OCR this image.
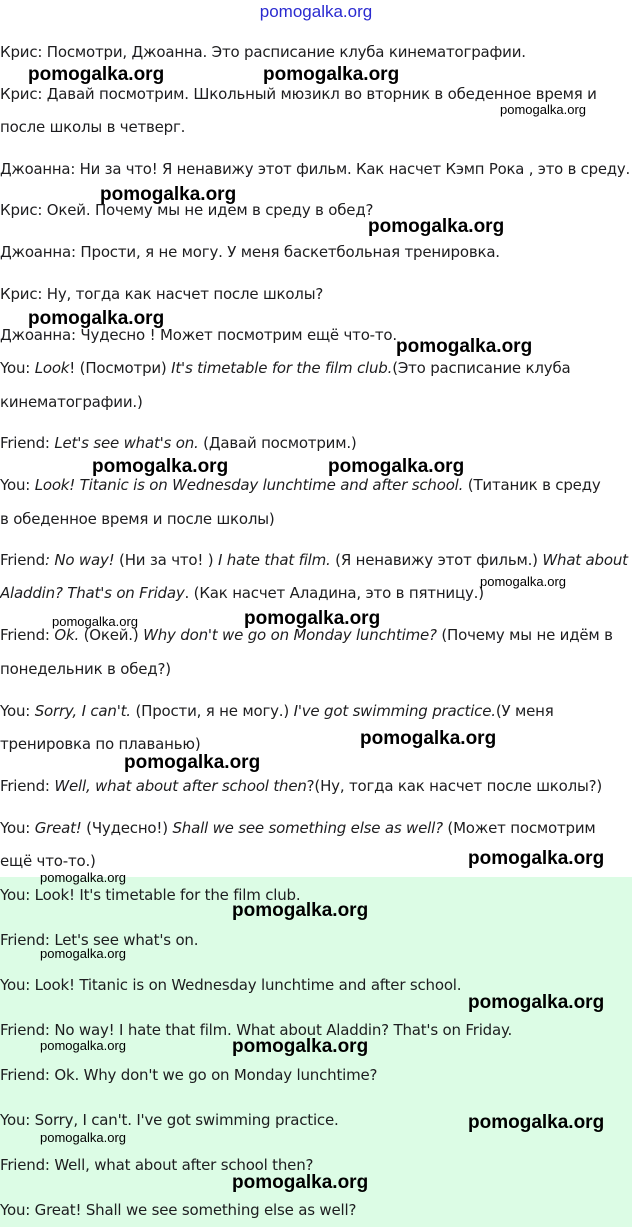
pomogalka.org
Крис: Посмотри, Джоанна. Это расписание клуба кинематографии.
Крис: Давай посмотрим. Школьный мюзикл во вторник в обеденное время и
после школы в четверг.
Джоанна: Ни за что! Я ненавижу этот фильм. Как насчет Кэмп Рока , это в среду.
Крис: Окей. Почему мы не идем в среду в обед?
Джоанна: Прости, я не могу. У меня баскетбольная тренировка.
Крис: Ну, тогда как насчет после школы?
Джоанна: Чудесно ! Может посмотрим ещё что-то.
You: Look! (Посмотри) It's timetable for the film club.(Это расписание клуба
кинематографии.)
Friend: Let's see what's on. (Давай посмотрим.)
You: Look! Titanic is on Wednesday lunchtime and after school. (Титаник в среду
в обеденное время и после школы)
Friend: No way! (Ни за что! ) I hate that film. (Я ненавижу этот фильм.) What about
Aladdin? That's on Friday. (Как насчет Аладина, это в пятницу.)
Friend: Ok. (Окей.) Why don't we go on Monday lunchtime? (Почему мы не идём в
понедельник в обед?)
You: Sorry, I can't. (Прости, я не могу.) I've got swimming practice.(У меня
тренировка по плаванью)
Friend: Well, what about after school then?(Ну, тогда как насчет после школы?)
You: Great! (Чудесно!) Shall we see something else as well? (Может посмотрим
ещё что-то.)
You: Look! It's timetable for the film club.
Friend: Let's see what's on.
You: Look! Titanic is on Wednesday lunchtime and after school.
Friend: No way! I hate that film. What about Aladdin? That's on Friday.
Friend: Ok. Why don't we go on Monday lunchtime?
You: Sorry, I can't. I've got swimming practice.
Friend: Well, what about after school then?
You: Great! Shall we see something else as well?
pomogalka.org	pomogalka.org
pomogalka.org
pomogalka.org
pomogalka.org
pomogalka.org
pomogalka.org
pomogalka.org	pomogalka.org
pomogalka.org
pomogalka.org	pomogalka.org
pomogalka.org
pomogalka.org
pomogalka.org
pomogalka.org
pomogalka.org
pomogalka.org
pomogalka.org
pomogalka.org	pomogalka.org
pomogalka.org
pomogalka.org
pomogalka.org
